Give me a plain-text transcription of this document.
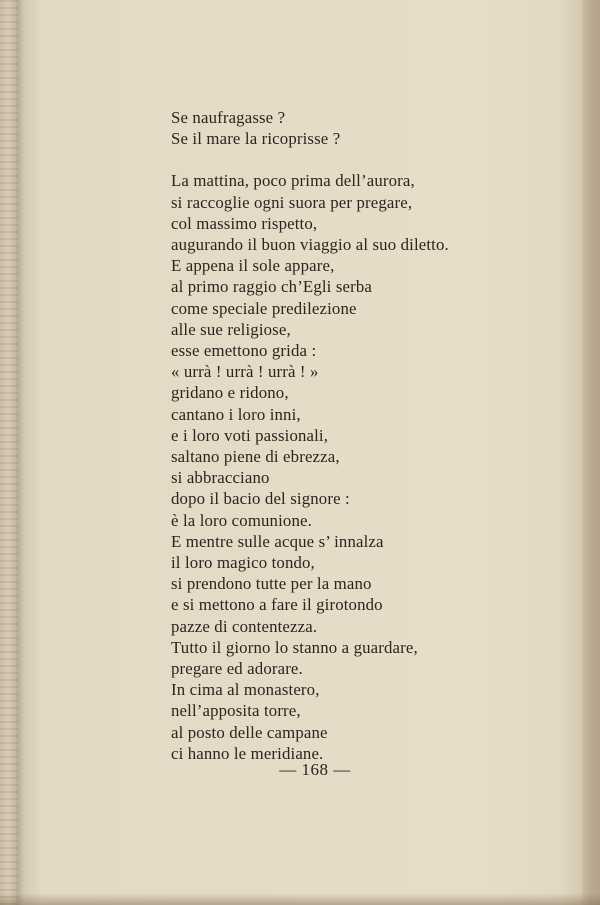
Se naufragasse ?
Se il mare la ricoprisse ?

La mattina, poco prima dell’aurora,
si raccoglie ogni suora per pregare,
col massimo rispetto,
augurando il buon viaggio al suo diletto.
E appena il sole appare,
al primo raggio ch’Egli serba
come speciale predilezione
alle sue religiose,
esse emettono grida :
« urrà ! urrà ! urrà ! »
gridano e ridono,
cantano i loro inni,
e i loro voti passionali,
saltano piene di ebrezza,
si abbracciano
dopo il bacio del signore :
è la loro comunione.
E mentre sulle acque s’ innalza
il loro magico tondo,
si prendono tutte per la mano
e si mettono a fare il girotondo
pazze di contentezza.
Tutto il giorno lo stanno a guardare,
pregare ed adorare.
In cima al monastero,
nell’apposita torre,
al posto delle campane
ci hanno le meridiane.

— 168 —
